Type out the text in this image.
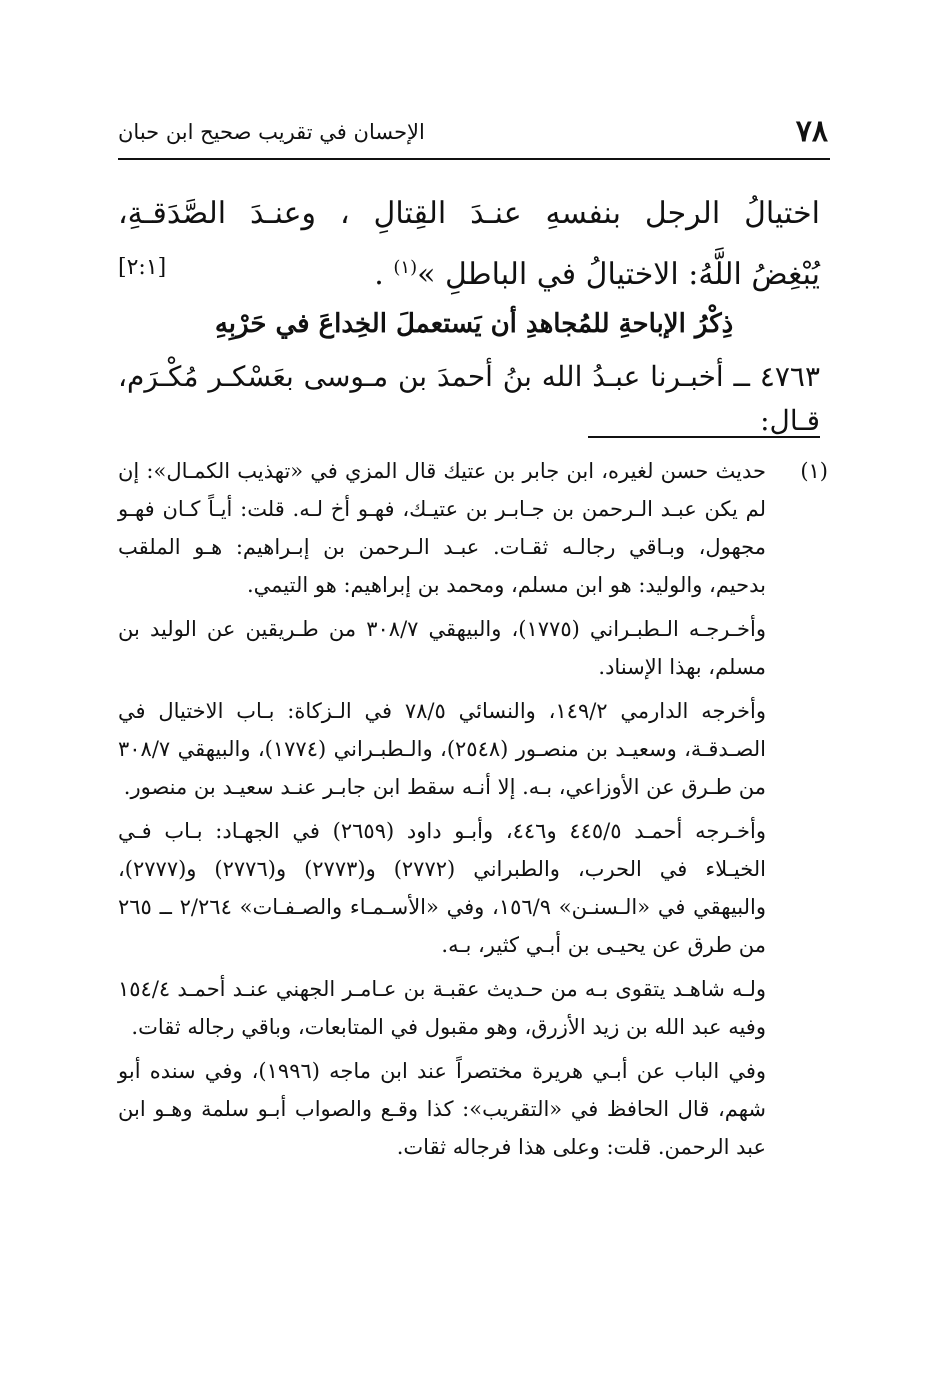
٧٨
الإحسان في تقريب صحيح ابن حبان
اختيالُ الرجل بنفسهِ عنـدَ القِتالِ ، وعنـدَ الصَّدَقـةِ،
يُبْغِضُ اللَّهُ: الاختيالُ في الباطلِ »$^{(١)}$ .
[٢:١]
ذِكْرُ الإباحةِ للمُجاهدِ أن يَستعملَ الخِداعَ في حَرْبِهِ
٤٧٦٣ ــ أخبـرنا عبـدُ الله بنُ أحمدَ بن مـوسى بعَسْكـر مُكْـرَم، قـال:
(١)

حديث حسن لغيره، ابن جابر بن عتيك قال المزي في «تهذيب الكمـال»: إن لم يكن عبـد الـرحمن بن جـابـر بن عتيـك، فهـو أخ لـه. قلت: أيـاً كـان فهـو مجهول، وبـاقي رجالـه ثقـات. عبـد الـرحمن بن إبـراهيم: هـو الملقب بدحيم، والوليد: هو ابن مسلم، ومحمد بن إبراهيم: هو التيمي.

وأخـرجـه الـطبـراني (١٧٧٥)، والبيهقي ٣٠٨/٧ من طـريقين عن الوليد بن مسلم، بهذا الإسناد.

وأخرجه الدارمي ١٤٩/٢، والنسائي ٧٨/٥ في الـزكاة: بـاب الاختيال في الصـدقـة، وسعيـد بن منصـور (٢٥٤٨)، والـطبـراني (١٧٧٤)، والبيهقي ٣٠٨/٧ من طـرق عن الأوزاعي، بـه. إلا أنـه سقط ابن جابـر عنـد سعيـد بن منصور.

وأخـرجه أحمـد ٤٤٥/٥ و٤٤٦، وأبـو داود (٢٦٥٩) في الجهـاد: بـاب فـي الخيـلاء في الحرب، والطبراني (٢٧٧٢) و(٢٧٧٣) و(٢٧٧٦) و(٢٧٧٧)، والبيهقي في «الـسنـن» ١٥٦/٩، وفي «الأسـمـاء والصـفـات» ٢/٢٦٤ ــ ٢٦٥ من طرق عن يحيـى بن أبـي كثير، بـه.

ولـه شاهـد يتقوى بـه من حـديث عقبـة بن عـامـر الجهني عنـد أحمـد ١٥٤/٤ وفيه عبد الله بن زيد الأزرق، وهو مقبول في المتابعات، وباقي رجاله ثقات.

وفي الباب عن أبـي هريرة مختصراً عند ابن ماجه (١٩٩٦)، وفي سنده أبو شهم، قال الحافظ في «التقريب»: كذا وقـع والصواب أبـو سلمة وهـو ابن عبد الرحمن. قلت: وعلى هذا فرجاله ثقات.
